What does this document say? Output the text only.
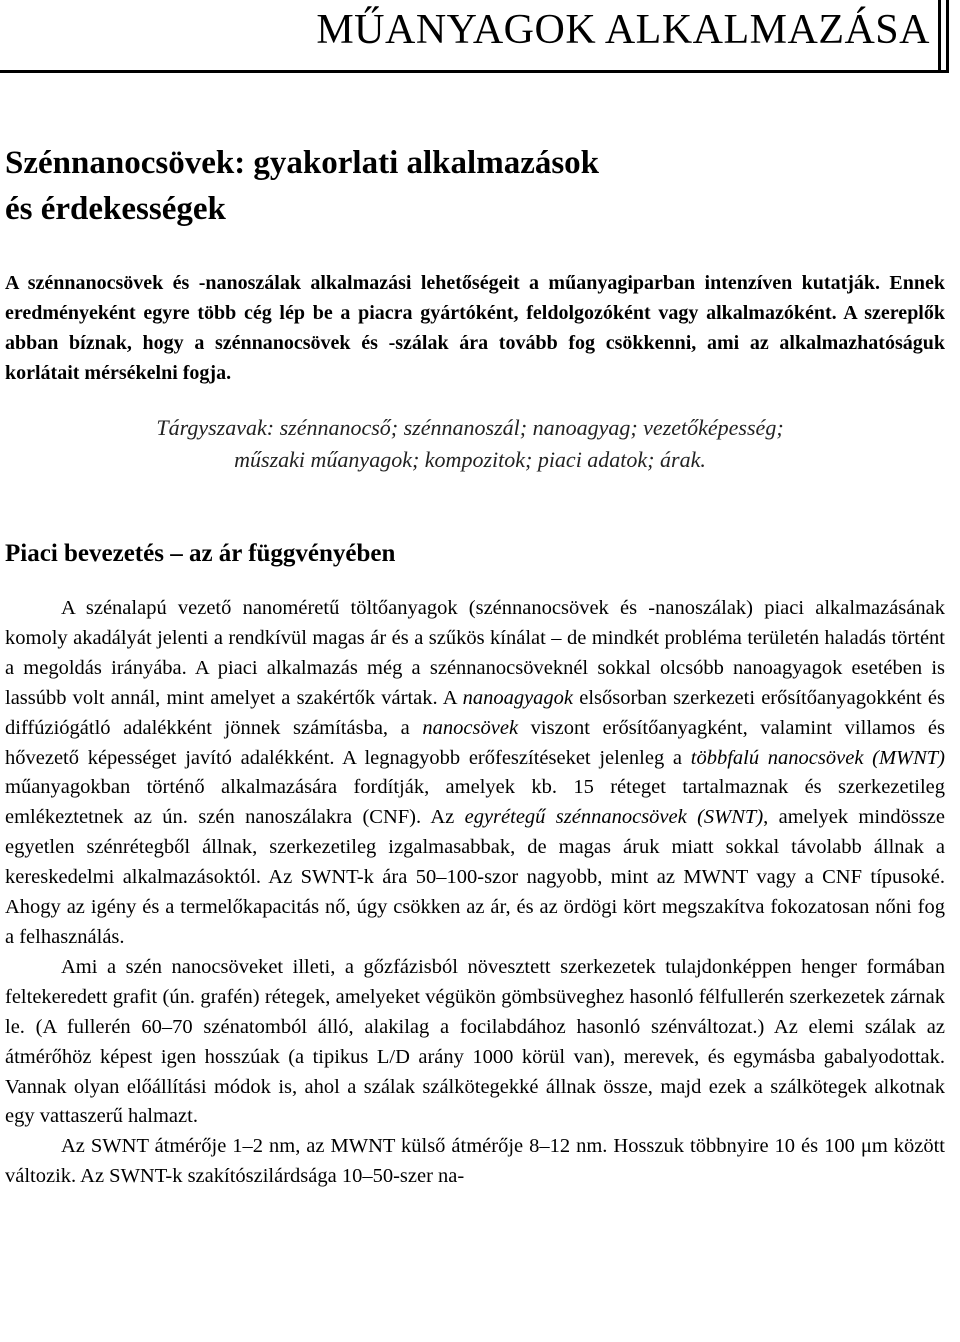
MŰANYAGOK ALKALMAZÁSA
Szénnanocsövek: gyakorlati alkalmazások
és érdekességek
A szénnanocsövek és -nanoszálak alkalmazási lehetőségeit a műanyagiparban intenzíven kutatják. Ennek eredményeként egyre több cég lép be a piacra gyártóként, feldolgozóként vagy alkalmazóként. A szereplők abban bíznak, hogy a szénnanocsövek és -szálak ára tovább fog csökkenni, ami az alkalmazhatóságuk korlátait mérsékelni fogja.
Tárgyszavak: szénnanocső; szénnanoszál; nanoagyag; vezetőképesség;
műszaki műanyagok; kompozitok; piaci adatok; árak.
Piaci bevezetés – az ár függvényében

A szénalapú vezető nanoméretű töltőanyagok (szénnanocsövek és -nanoszálak) piaci alkalmazásának komoly akadályát jelenti a rendkívül magas ár és a szűkös kínálat – de mindkét probléma területén haladás történt a megoldás irányába. A piaci alkalmazás még a szénnanocsöveknél sokkal olcsóbb nanoagyagok esetében is lassúbb volt annál, mint amelyet a szakértők vártak. A nanoagyagok elsősorban szerkezeti erősítőanyagokként és diffúziógátló adalékként jönnek számításba, a nanocsövek viszont erősítőanyagként, valamint villamos és hővezető képességet javító adalékként. A legnagyobb erőfeszítéseket jelenleg a többfalú nanocsövek (MWNT) műanyagokban történő alkalmazására fordítják, amelyek kb. 15 réteget tartalmaznak és szerkezetileg emlékeztetnek az ún. szén nanoszálakra (CNF). Az egyrétegű szénnanocsövek (SWNT), amelyek mindössze egyetlen szénrétegből állnak, szerkezetileg izgalmasabbak, de magas áruk miatt sokkal távolabb állnak a kereskedelmi alkalmazásoktól. Az SWNT-k ára 50–100-szor nagyobb, mint az MWNT vagy a CNF típusoké. Ahogy az igény és a termelőkapacitás nő, úgy csökken az ár, és az ördögi kört megszakítva fokozatosan nőni fog a felhasználás.

Ami a szén nanocsöveket illeti, a gőzfázisból növesztett szerkezetek tulajdonképpen henger formában feltekeredett grafit (ún. grafén) rétegek, amelyeket végükön gömbsüveghez hasonló félfullerén szerkezetek zárnak le. (A fullerén 60–70 szénatomból álló, alakilag a focilabdához hasonló szénváltozat.) Az elemi szálak az átmérőhöz képest igen hosszúak (a tipikus L/D arány 1000 körül van), merevek, és egymásba gabalyodottak. Vannak olyan előállítási módok is, ahol a szálak szálkötegekké állnak össze, majd ezek a szálkötegek alkotnak egy vattaszerű halmazt.

Az SWNT átmérője 1–2 nm, az MWNT külső átmérője 8–12 nm. Hosszuk többnyire 10 és 100 μm között változik. Az SWNT-k szakítószilárdsága 10–50-szer na-
